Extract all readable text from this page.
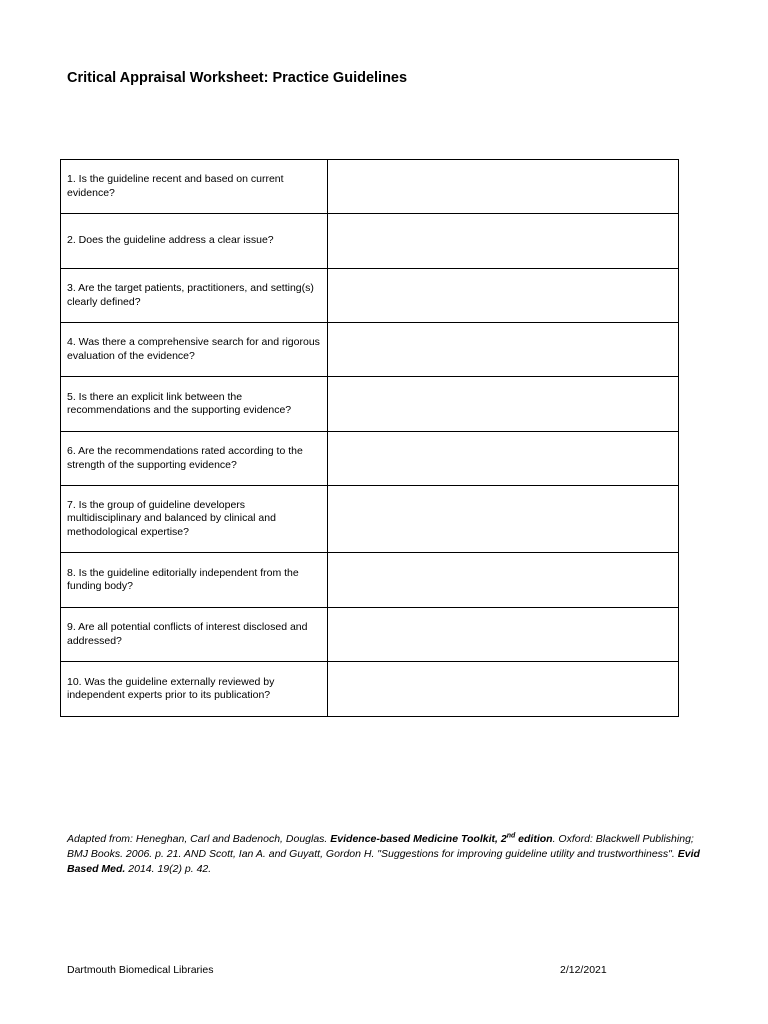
Critical Appraisal Worksheet: Practice Guidelines
1. Is the guideline recent and based on current evidence?	
2. Does the guideline address a clear issue?	
3. Are the target patients, practitioners, and setting(s) clearly defined?	
4. Was there a comprehensive search for and rigorous evaluation of the evidence?	
5. Is there an explicit link between the recommendations and the supporting evidence?	
6. Are the recommendations rated according to the strength of the supporting evidence?	
7. Is the group of guideline developers multidisciplinary and balanced by clinical and methodological expertise?	
8. Is the guideline editorially independent from the funding body?	
9. Are all potential conflicts of interest disclosed and addressed?	
10. Was the guideline externally reviewed by independent experts prior to its publication?	
Adapted from: Heneghan, Carl and Badenoch, Douglas. Evidence-based Medicine Toolkit, 2nd edition. Oxford: Blackwell Publishing; BMJ Books. 2006. p. 21. AND Scott, Ian A. and Guyatt, Gordon H. "Suggestions for improving guideline utility and trustworthiness". Evid Based Med. 2014. 19(2) p. 42.
Dartmouth Biomedical Libraries	2/12/2021
